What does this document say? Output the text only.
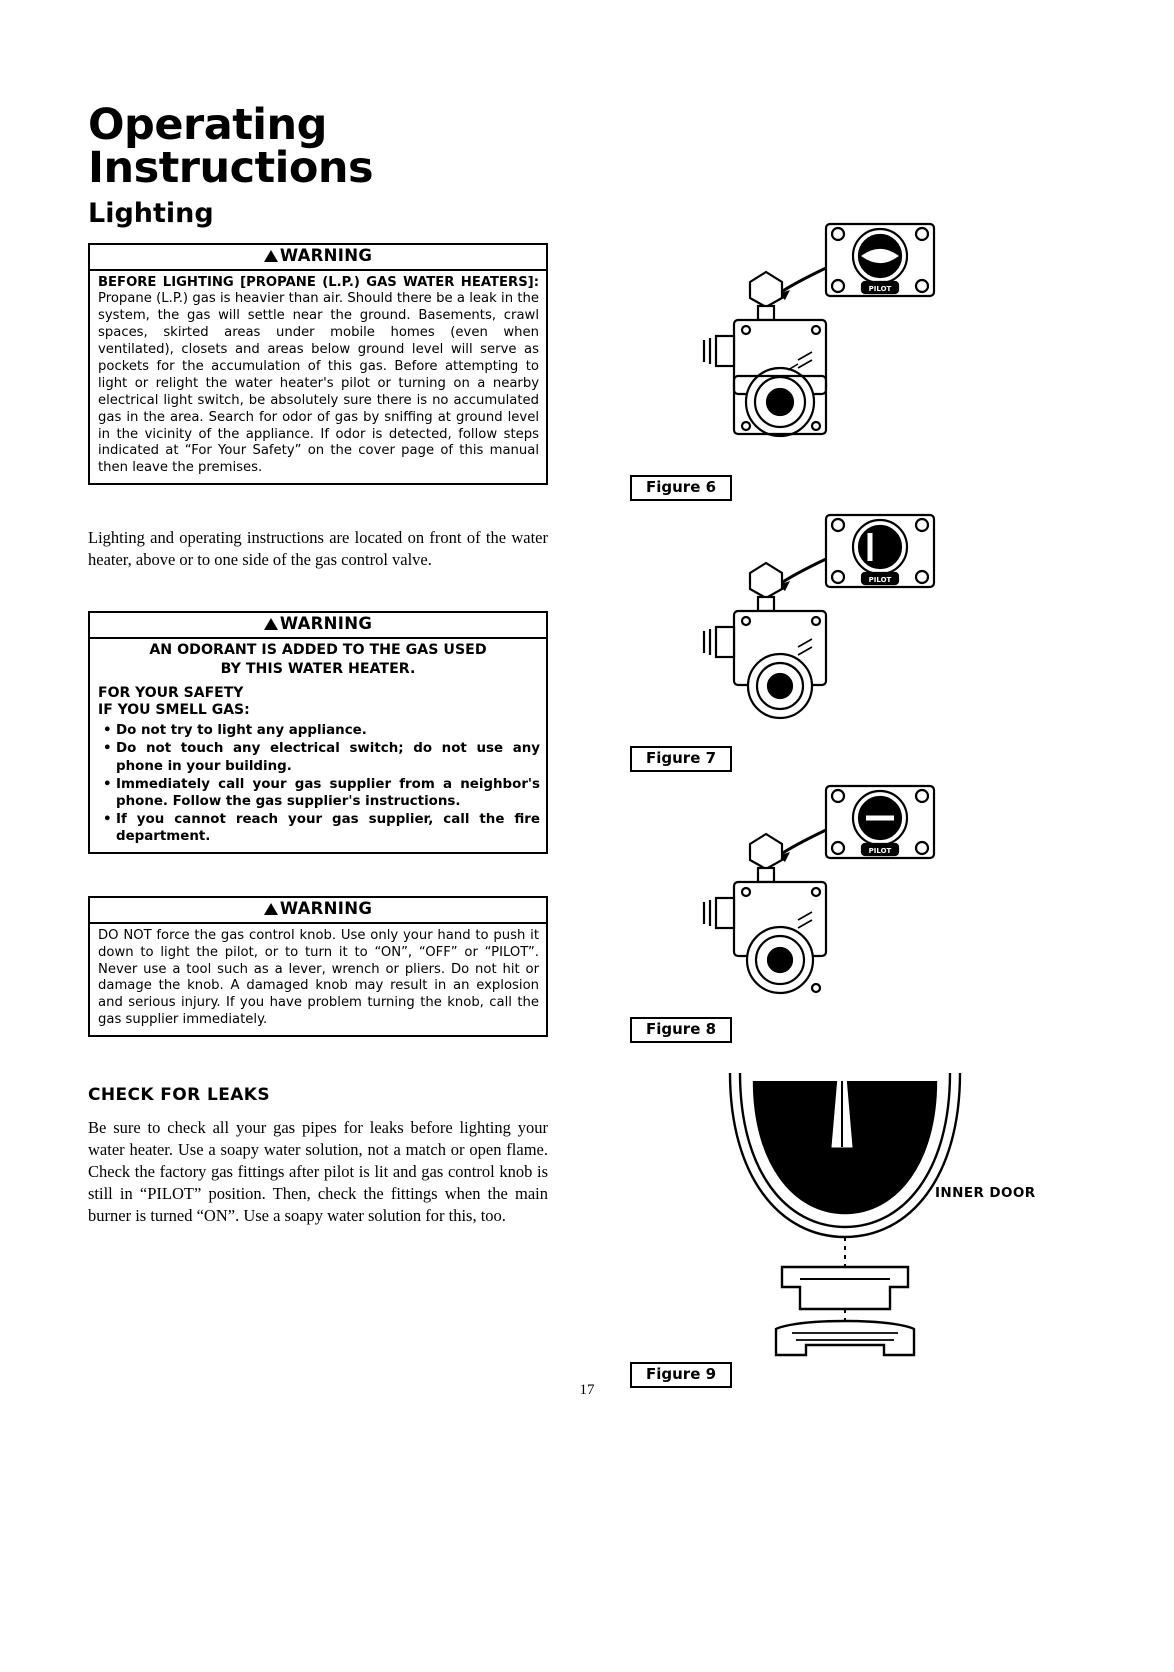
Operating Instructions
Lighting
WARNING
BEFORE LIGHTING [PROPANE (L.P.) GAS WATER HEATERS]: Propane (L.P.) gas is heavier than air. Should there be a leak in the system, the gas will settle near the ground. Basements, crawl spaces, skirted areas under mobile homes (even when ventilated), closets and areas below ground level will serve as pockets for the accumulation of this gas. Before attempting to light or relight the water heater's pilot or turning on a nearby electrical light switch, be absolutely sure there is no accumulated gas in the area. Search for odor of gas by sniffing at ground level in the vicinity of the appliance. If odor is detected, follow steps indicated at “For Your Safety” on the cover page of this manual then leave the premises.

Lighting and operating instructions are located on front of the water heater, above or to one side of the gas control valve.

WARNING
AN ODORANT IS ADDED TO THE GAS USED
BY THIS WATER HEATER.
FOR YOUR SAFETY
IF YOU SMELL GAS:
• Do not try to light any appliance.
• Do not touch any electrical switch; do not use any phone in your building.
• Immediately call your gas supplier from a neighbor's phone. Follow the gas supplier's instructions.
• If you cannot reach your gas supplier, call the fire department.
WARNING
DO NOT force the gas control knob. Use only your hand to push it down to light the pilot, or to turn it to “ON”, “OFF” or “PILOT”. Never use a tool such as a lever, wrench or pliers. Do not hit or damage the knob. A damaged knob may result in an explosion and serious injury. If you have problem turning the knob, call the gas supplier immediately.
CHECK FOR LEAKS

Be sure to check all your gas pipes for leaks before lighting your water heater. Use a soapy water solution, not a match or open flame. Check the factory gas fittings after pilot is lit and gas control knob is still in “PILOT” position. Then, check the fittings when the main burner is turned “ON”. Use a soapy water solution for this, too.

PILOT
Figure 6
PILOT
Figure 7
PILOT
Figure 8
INNER DOOR
Figure 9
17
